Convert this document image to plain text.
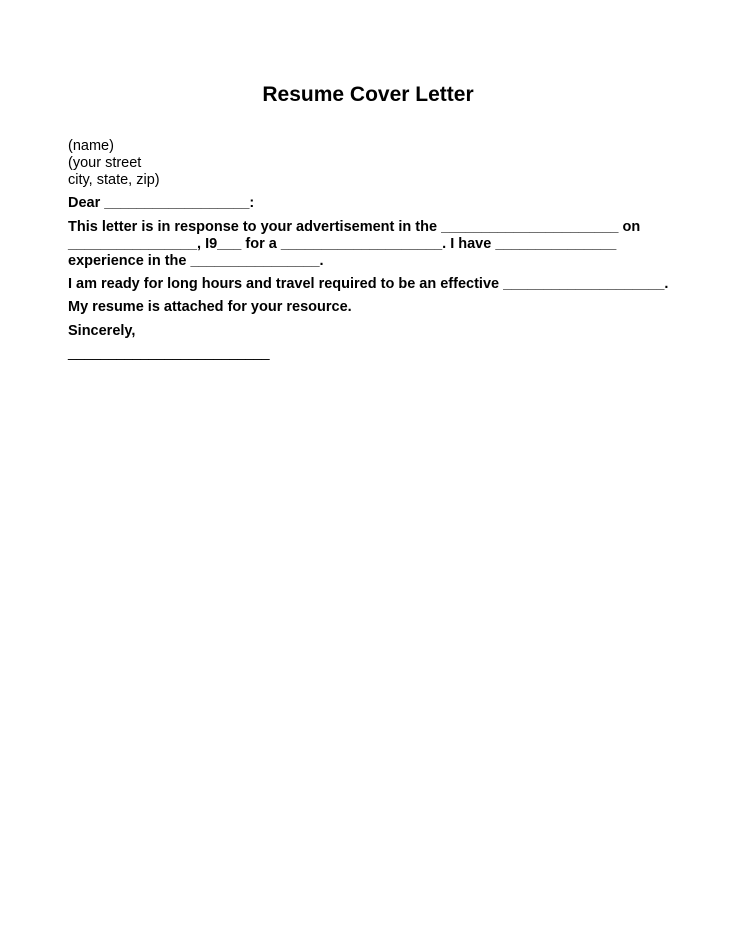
Resume Cover Letter
(name)
(your street
city, state, zip)
Dear __________________:
This letter is in response to your advertisement in the ______________________ on
________________, I9___ for a ____________________. I have _______________
experience in the ________________.
I am ready for long hours and travel required to be an effective ____________________.
My resume is attached for your resource.
Sincerely,
_________________________
